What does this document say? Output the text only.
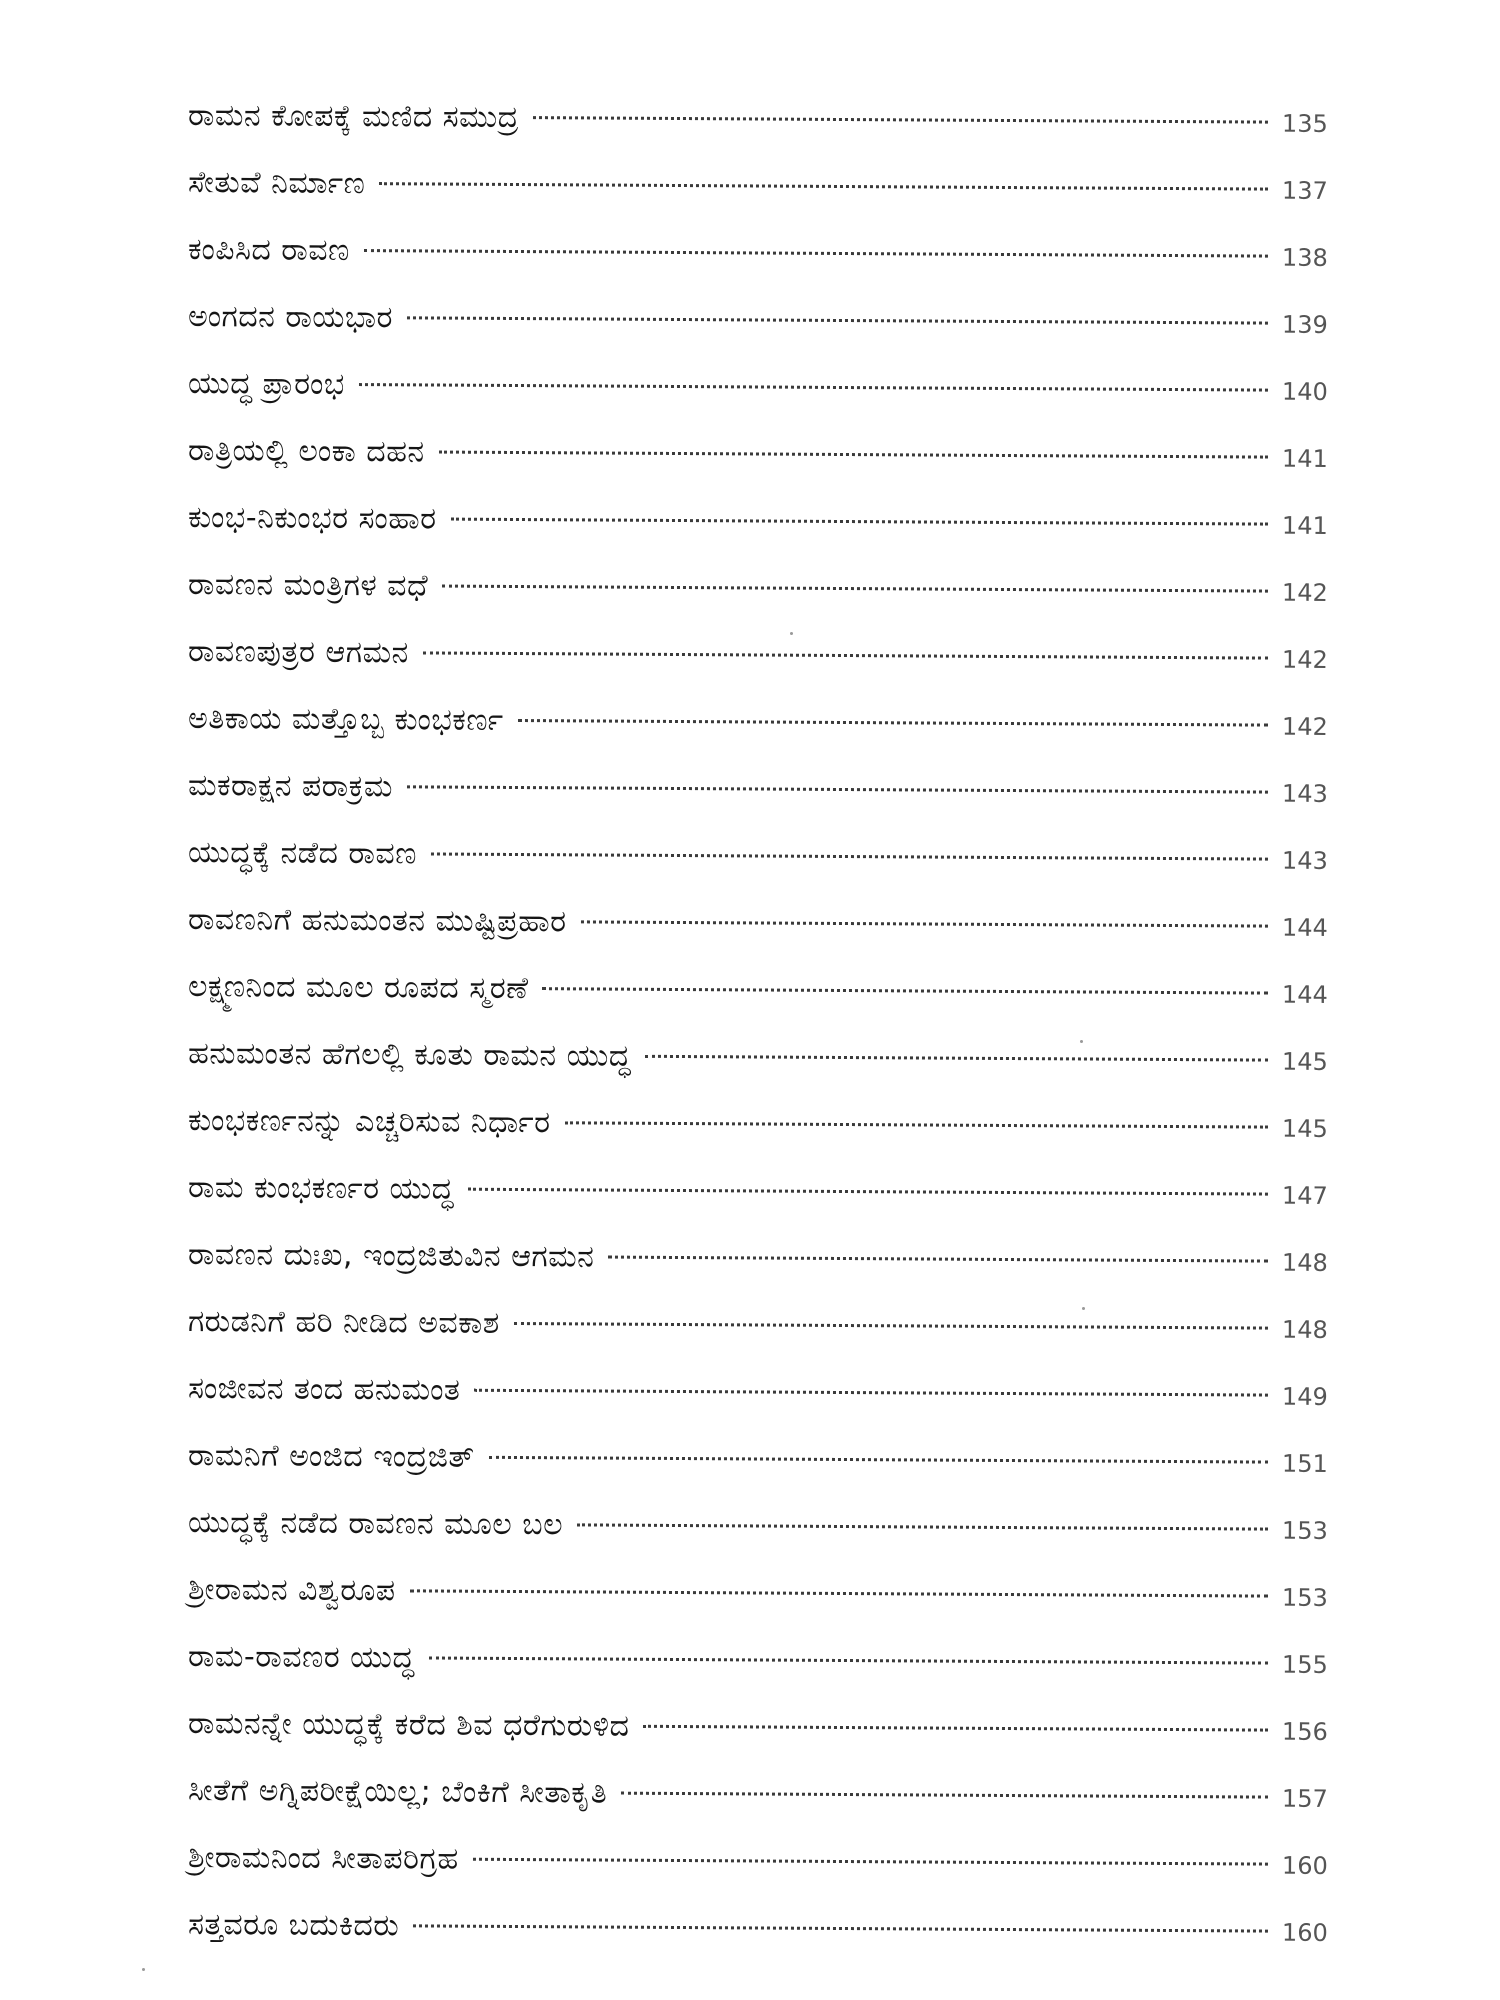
ರಾಮನ ಕೋಪಕ್ಕೆ ಮಣಿದ ಸಮುದ್ರ	135
ಸೇತುವೆ ನಿರ್ಮಾಣ	137
ಕಂಪಿಸಿದ ರಾವಣ	138
ಅಂಗದನ ರಾಯಭಾರ	139
ಯುದ್ಧ ಪ್ರಾರಂಭ	140
ರಾತ್ರಿಯಲ್ಲಿ ಲಂಕಾ ದಹನ	141
ಕುಂಭ-ನಿಕುಂಭರ ಸಂಹಾರ	141
ರಾವಣನ ಮಂತ್ರಿಗಳ ವಧೆ	142
ರಾವಣಪುತ್ರರ ಆಗಮನ	142
ಅತಿಕಾಯ ಮತ್ತೊಬ್ಬ ಕುಂಭಕರ್ಣ	142
ಮಕರಾಕ್ಷನ ಪರಾಕ್ರಮ	143
ಯುದ್ಧಕ್ಕೆ ನಡೆದ ರಾವಣ	143
ರಾವಣನಿಗೆ ಹನುಮಂತನ ಮುಷ್ಟಿಪ್ರಹಾರ	144
ಲಕ್ಷ್ಮಣನಿಂದ ಮೂಲ ರೂಪದ ಸ್ಮರಣೆ	144
ಹನುಮಂತನ ಹೆಗಲಲ್ಲಿ ಕೂತು ರಾಮನ ಯುದ್ಧ	145
ಕುಂಭಕರ್ಣನನ್ನು ಎಚ್ಚರಿಸುವ ನಿರ್ಧಾರ	145
ರಾಮ ಕುಂಭಕರ್ಣರ ಯುದ್ಧ	147
ರಾವಣನ ದುಃಖ, ಇಂದ್ರಜಿತುವಿನ ಆಗಮನ	148
ಗರುಡನಿಗೆ ಹರಿ ನೀಡಿದ ಅವಕಾಶ	148
ಸಂಜೀವನ ತಂದ ಹನುಮಂತ	149
ರಾಮನಿಗೆ ಅಂಜಿದ ಇಂದ್ರಜಿತ್	151
ಯುದ್ಧಕ್ಕೆ ನಡೆದ ರಾವಣನ ಮೂಲ ಬಲ	153
ಶ್ರೀರಾಮನ ವಿಶ್ವರೂಪ	153
ರಾಮ-ರಾವಣರ ಯುದ್ಧ	155
ರಾಮನನ್ನೇ ಯುದ್ಧಕ್ಕೆ ಕರೆದ ಶಿವ ಧರೆಗುರುಳಿದ	156
ಸೀತೆಗೆ ಅಗ್ನಿಪರೀಕ್ಷೆಯಿಲ್ಲ; ಬೆಂಕಿಗೆ ಸೀತಾಕೃತಿ	157
ಶ್ರೀರಾಮನಿಂದ ಸೀತಾಪರಿಗ್ರಹ	160
ಸತ್ತವರೂ ಬದುಕಿದರು	160
